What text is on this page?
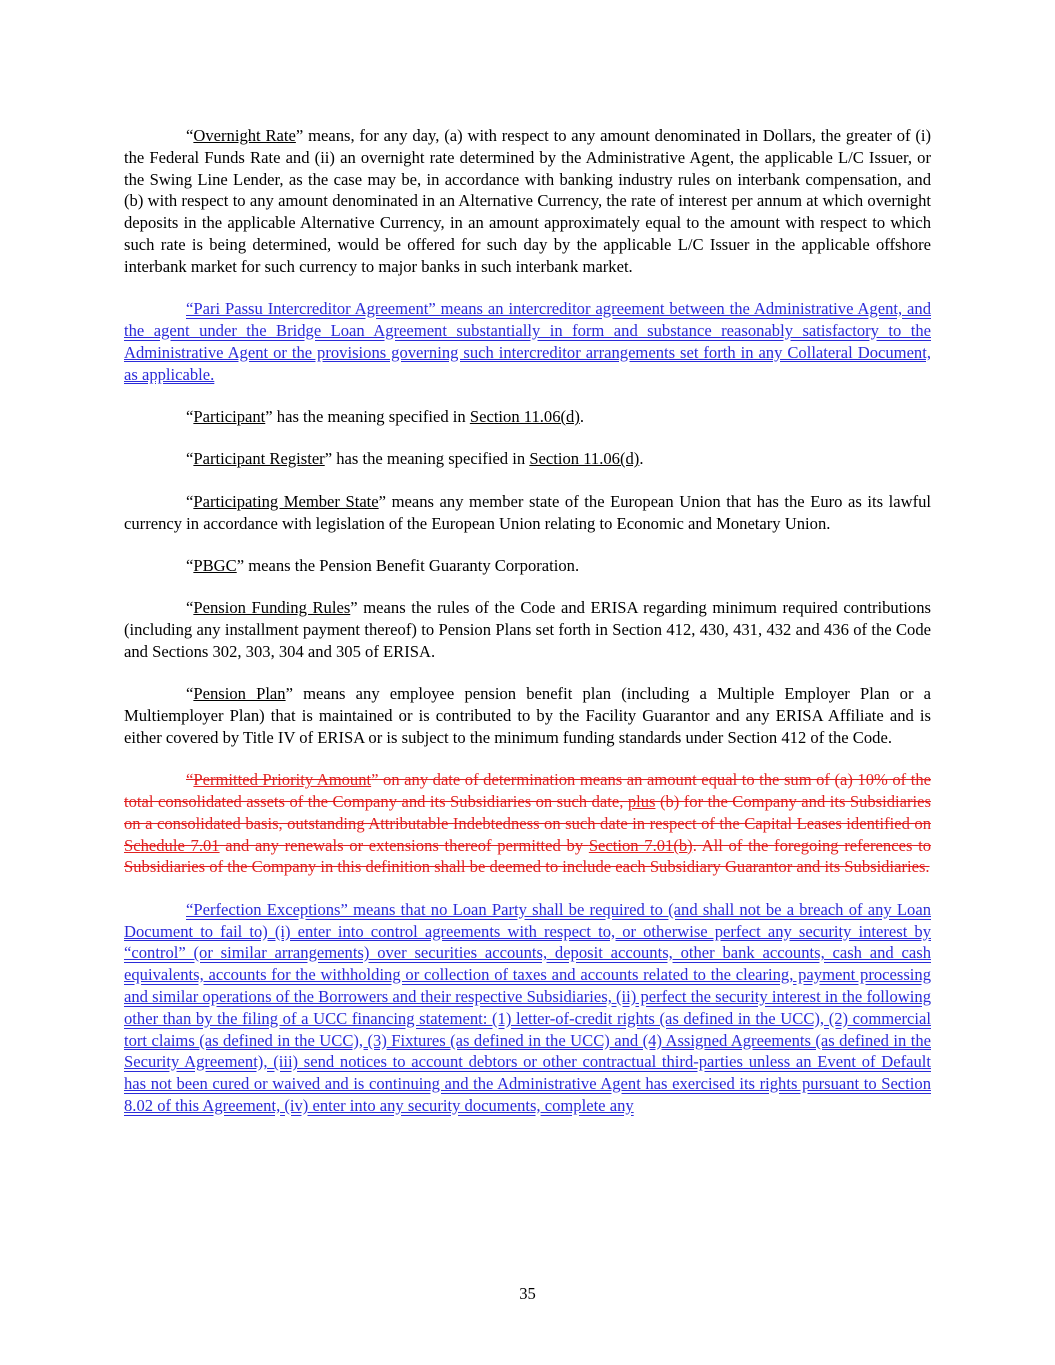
“Overnight Rate” means, for any day, (a) with respect to any amount denominated in Dollars, the greater of (i) the Federal Funds Rate and (ii) an overnight rate determined by the Administrative Agent, the applicable L/C Issuer, or the Swing Line Lender, as the case may be, in accordance with banking industry rules on interbank compensation, and (b) with respect to any amount denominated in an Alternative Currency, the rate of interest per annum at which overnight deposits in the applicable Alternative Currency, in an amount approximately equal to the amount with respect to which such rate is being determined, would be offered for such day by the applicable L/C Issuer in the applicable offshore interbank market for such currency to major banks in such interbank market.

“Pari Passu Intercreditor Agreement” means an intercreditor agreement between the Administrative Agent, and the agent under the Bridge Loan Agreement substantially in form and substance reasonably satisfactory to the Administrative Agent or the provisions governing such intercreditor arrangements set forth in any Collateral Document, as applicable.

“Participant” has the meaning specified in Section 11.06(d).

“Participant Register” has the meaning specified in Section 11.06(d).

“Participating Member State” means any member state of the European Union that has the Euro as its lawful currency in accordance with legislation of the European Union relating to Economic and Monetary Union.

“PBGC” means the Pension Benefit Guaranty Corporation.

“Pension Funding Rules” means the rules of the Code and ERISA regarding minimum required contributions (including any installment payment thereof) to Pension Plans set forth in Section 412, 430, 431, 432 and 436 of the Code and Sections 302, 303, 304 and 305 of ERISA.

“Pension Plan” means any employee pension benefit plan (including a Multiple Employer Plan or a Multiemployer Plan) that is maintained or is contributed to by the Facility Guarantor and any ERISA Affiliate and is either covered by Title IV of ERISA or is subject to the minimum funding standards under Section 412 of the Code.

“Permitted Priority Amount” on any date of determination means an amount equal to the sum of (a) 10% of the total consolidated assets of the Company and its Subsidiaries on such date, plus (b) for the Company and its Subsidiaries on a consolidated basis, outstanding Attributable Indebtedness on such date in respect of the Capital Leases identified on Schedule 7.01 and any renewals or extensions thereof permitted by Section 7.01(b). All of the foregoing references to Subsidiaries of the Company in this definition shall be deemed to include each Subsidiary Guarantor and its Subsidiaries.

“Perfection Exceptions” means that no Loan Party shall be required to (and shall not be a breach of any Loan Document to fail to) (i) enter into control agreements with respect to, or otherwise perfect any security interest by “control” (or similar arrangements) over securities accounts, deposit accounts, other bank accounts, cash and cash equivalents, accounts for the withholding or collection of taxes and accounts related to the clearing, payment processing and similar operations of the Borrowers and their respective Subsidiaries, (ii) perfect the security interest in the following other than by the filing of a UCC financing statement: (1) letter-of-credit rights (as defined in the UCC), (2) commercial tort claims (as defined in the UCC), (3) Fixtures (as defined in the UCC) and (4) Assigned Agreements (as defined in the Security Agreement), (iii) send notices to account debtors or other contractual third-parties unless an Event of Default has not been cured or waived and is continuing and the Administrative Agent has exercised its rights pursuant to Section 8.02 of this Agreement, (iv) enter into any security documents, complete any

35
